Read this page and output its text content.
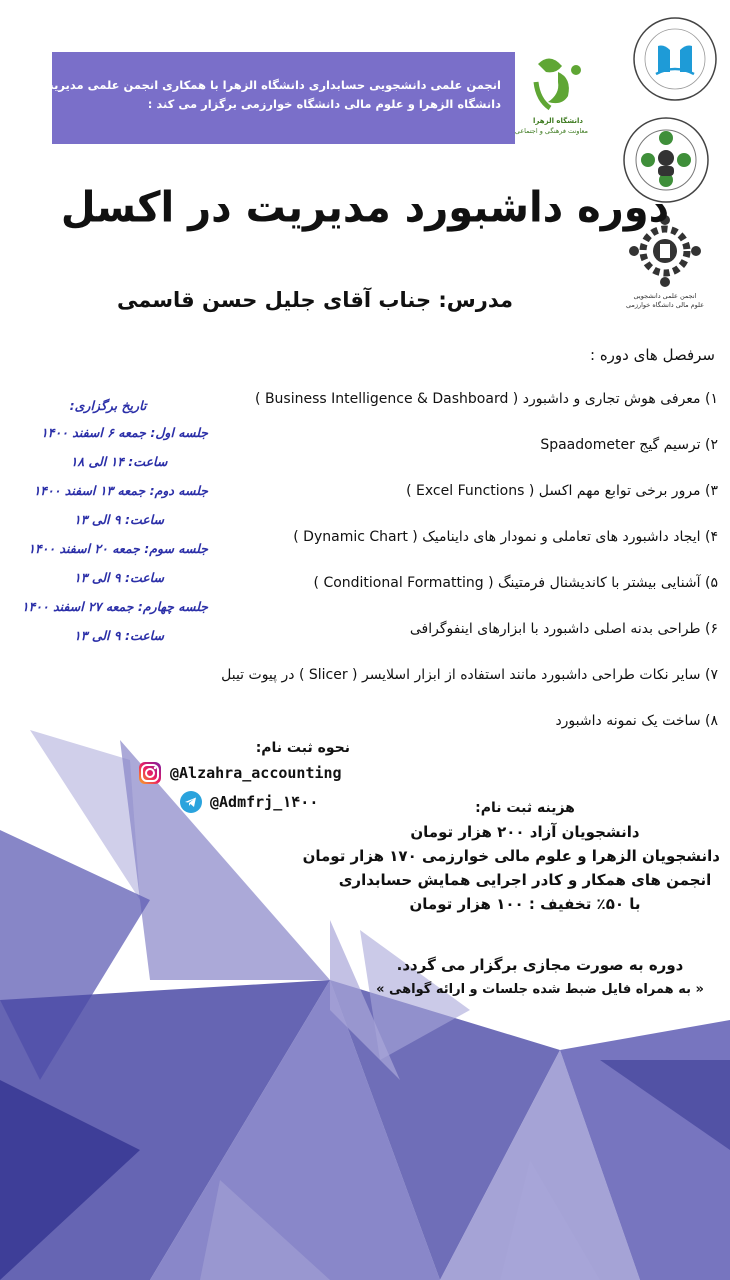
انجمن علمی دانشجویی حسابداری دانشگاه الزهرا با همکاری انجمن علمی مدیریت
دانشگاه الزهرا و علوم مالی دانشگاه خوارزمی برگزار می کند :
دانشگاه الزهرا
معاونت فرهنگی و اجتماعی
انجمن علمی دانشجویی
علوم مالی دانشگاه خوارزمی
دوره داشبورد مدیریت در اکسل
مدرس: جناب آقای جلیل حسن قاسمی
سرفصل های دوره :
۱) معرفی هوش تجاری و داشبورد ( Business Intelligence & Dashboard )
۲) ترسیم گیج Spaadometer
۳) مرور برخی توابع مهم اکسل ( Excel Functions )
۴) ایجاد داشبورد های تعاملی و نمودار های داینامیک ( Dynamic Chart )
۵) آشنایی بیشتر با کاندیشنال فرمتینگ ( Conditional Formatting )
۶) طراحی بدنه اصلی داشبورد با ابزارهای اینفوگرافی
۷) سایر نکات طراحی داشبورد مانند استفاده از ابزار اسلایسر ( Slicer ) در پیوت تیبل
۸) ساخت یک نمونه داشبورد
تاریخ برگزاری:
جلسه اول: جمعه ۶ اسفند ۱۴۰۰
ساعت: ۱۴ الی ۱۸
جلسه دوم: جمعه ۱۳ اسفند ۱۴۰۰
ساعت: ۹ الی ۱۳
جلسه سوم: جمعه ۲۰ اسفند ۱۴۰۰
ساعت: ۹ الی ۱۳
جلسه چهارم: جمعه ۲۷ اسفند ۱۴۰۰
ساعت: ۹ الی ۱۳
نحوه ثبت نام:
@Alzahra_accounting
@Admfrj_۱۴۰۰	هزینه ثبت نام:
دانشجویان آزاد ۲۰۰ هزار تومان
دانشجویان الزهرا و علوم مالی خوارزمی ۱۷۰ هزار تومان
انجمن های همکار و کادر اجرایی همایش حسابداری
با ۵۰٪ تخفیف : ۱۰۰ هزار تومان
دوره به صورت مجازی برگزار می گردد.
« به همراه فایل ضبط شده جلسات و ارائه گواهی »
